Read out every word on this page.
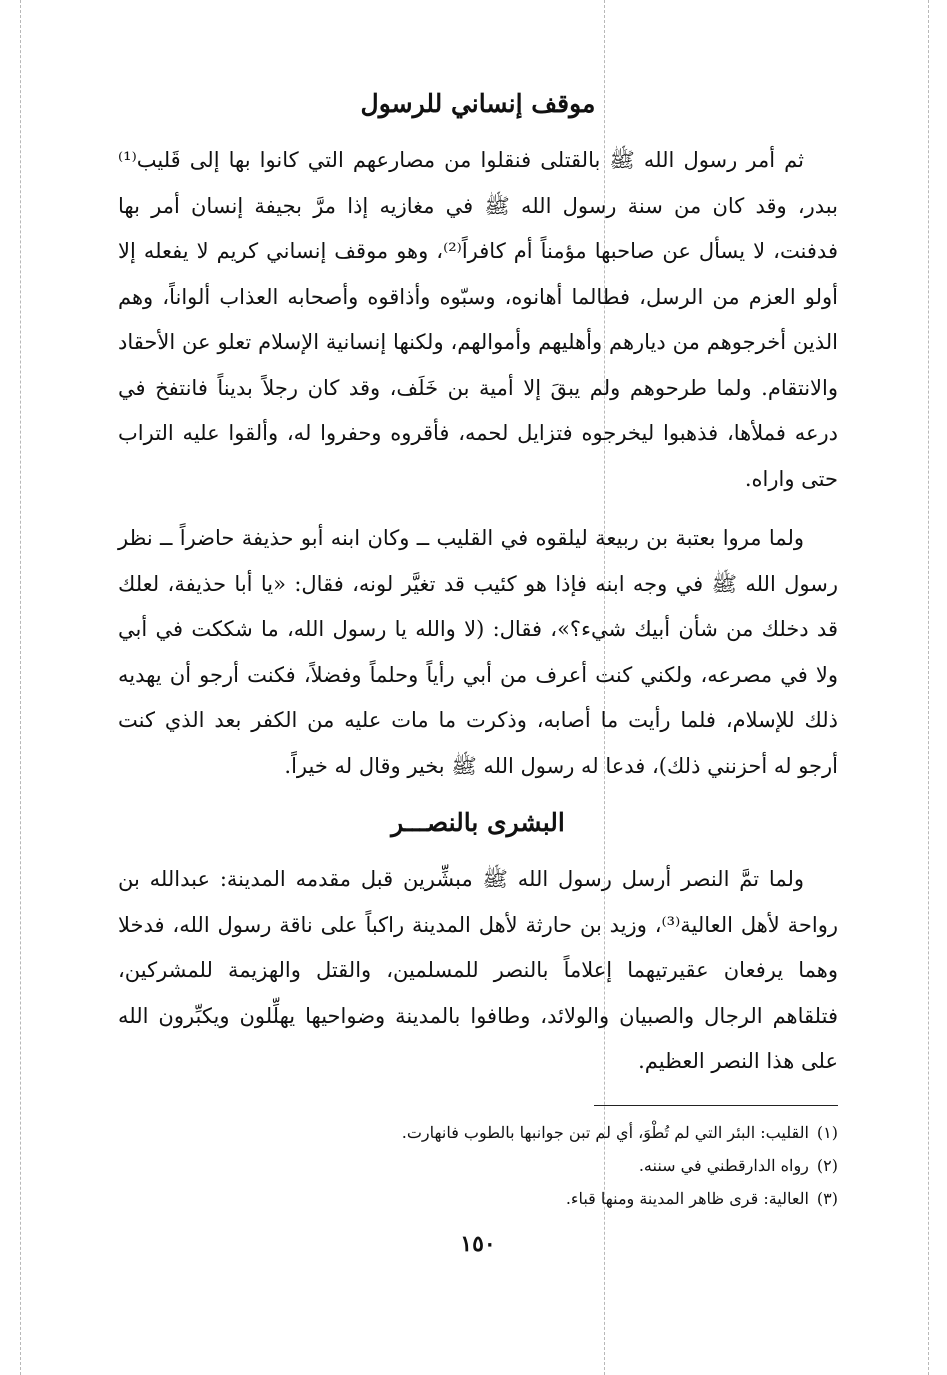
موقف إنساني للرسول

ثم أمر رسول الله ﷺ بالقتلى فنقلوا من مصارعهم التي كانوا بها إلى قَليب⁽¹⁾ ببدر، وقد كان من سنة رسول الله ﷺ في مغازيه إذا مرَّ بجيفة إنسان أمر بها فدفنت، لا يسأل عن صاحبها مؤمناً أم كافراً⁽²⁾، وهو موقف إنساني كريم لا يفعله إلا أولو العزم من الرسل، فطالما أهانوه، وسبّوه وأذاقوه وأصحابه العذاب ألواناً، وهم الذين أخرجوهم من ديارهم وأهليهم وأموالهم، ولكنها إنسانية الإسلام تعلو عن الأحقاد والانتقام. ولما طرحوهم ولم يبقَ إلا أمية بن خَلَف، وقد كان رجلاً بديناً فانتفخ في درعه فملأها، فذهبوا ليخرجوه فتزايل لحمه، فأقروه وحفروا له، وألقوا عليه التراب حتى واراه.

ولما مروا بعتبة بن ربيعة ليلقوه في القليب ــ وكان ابنه أبو حذيفة حاضراً ــ نظر رسول الله ﷺ في وجه ابنه فإذا هو كئيب قد تغيَّر لونه، فقال: «يا أبا حذيفة، لعلك قد دخلك من شأن أبيك شيء؟»، فقال: (لا والله يا رسول الله، ما شككت في أبي ولا في مصرعه، ولكني كنت أعرف من أبي رأياً وحلماً وفضلاً، فكنت أرجو أن يهديه ذلك للإسلام، فلما رأيت ما أصابه، وذكرت ما مات عليه من الكفر بعد الذي كنت أرجو له أحزنني ذلك)، فدعا له رسول الله ﷺ بخير وقال له خيراً.

البشرى بالنصـــر

ولما تمَّ النصر أرسل رسول الله ﷺ مبشِّرين قبل مقدمه المدينة: عبدالله بن رواحة لأهل العالية⁽³⁾، وزيد بن حارثة لأهل المدينة راكباً على ناقة رسول الله، فدخلا وهما يرفعان عقيرتيهما إعلاماً بالنصر للمسلمين، والقتل والهزيمة للمشركين، فتلقاهم الرجال والصبيان والولائد، وطافوا بالمدينة وضواحيها يهلِّلون ويكبِّرون الله على هذا النصر العظيم.

(١)القليب: البئر التي لم تُطْوَ، أي لم تبن جوانبها بالطوب فانهارت.

(٢)رواه الدارقطني في سننه.

(٣)العالية: قرى ظاهر المدينة ومنها قباء.

١٥٠
